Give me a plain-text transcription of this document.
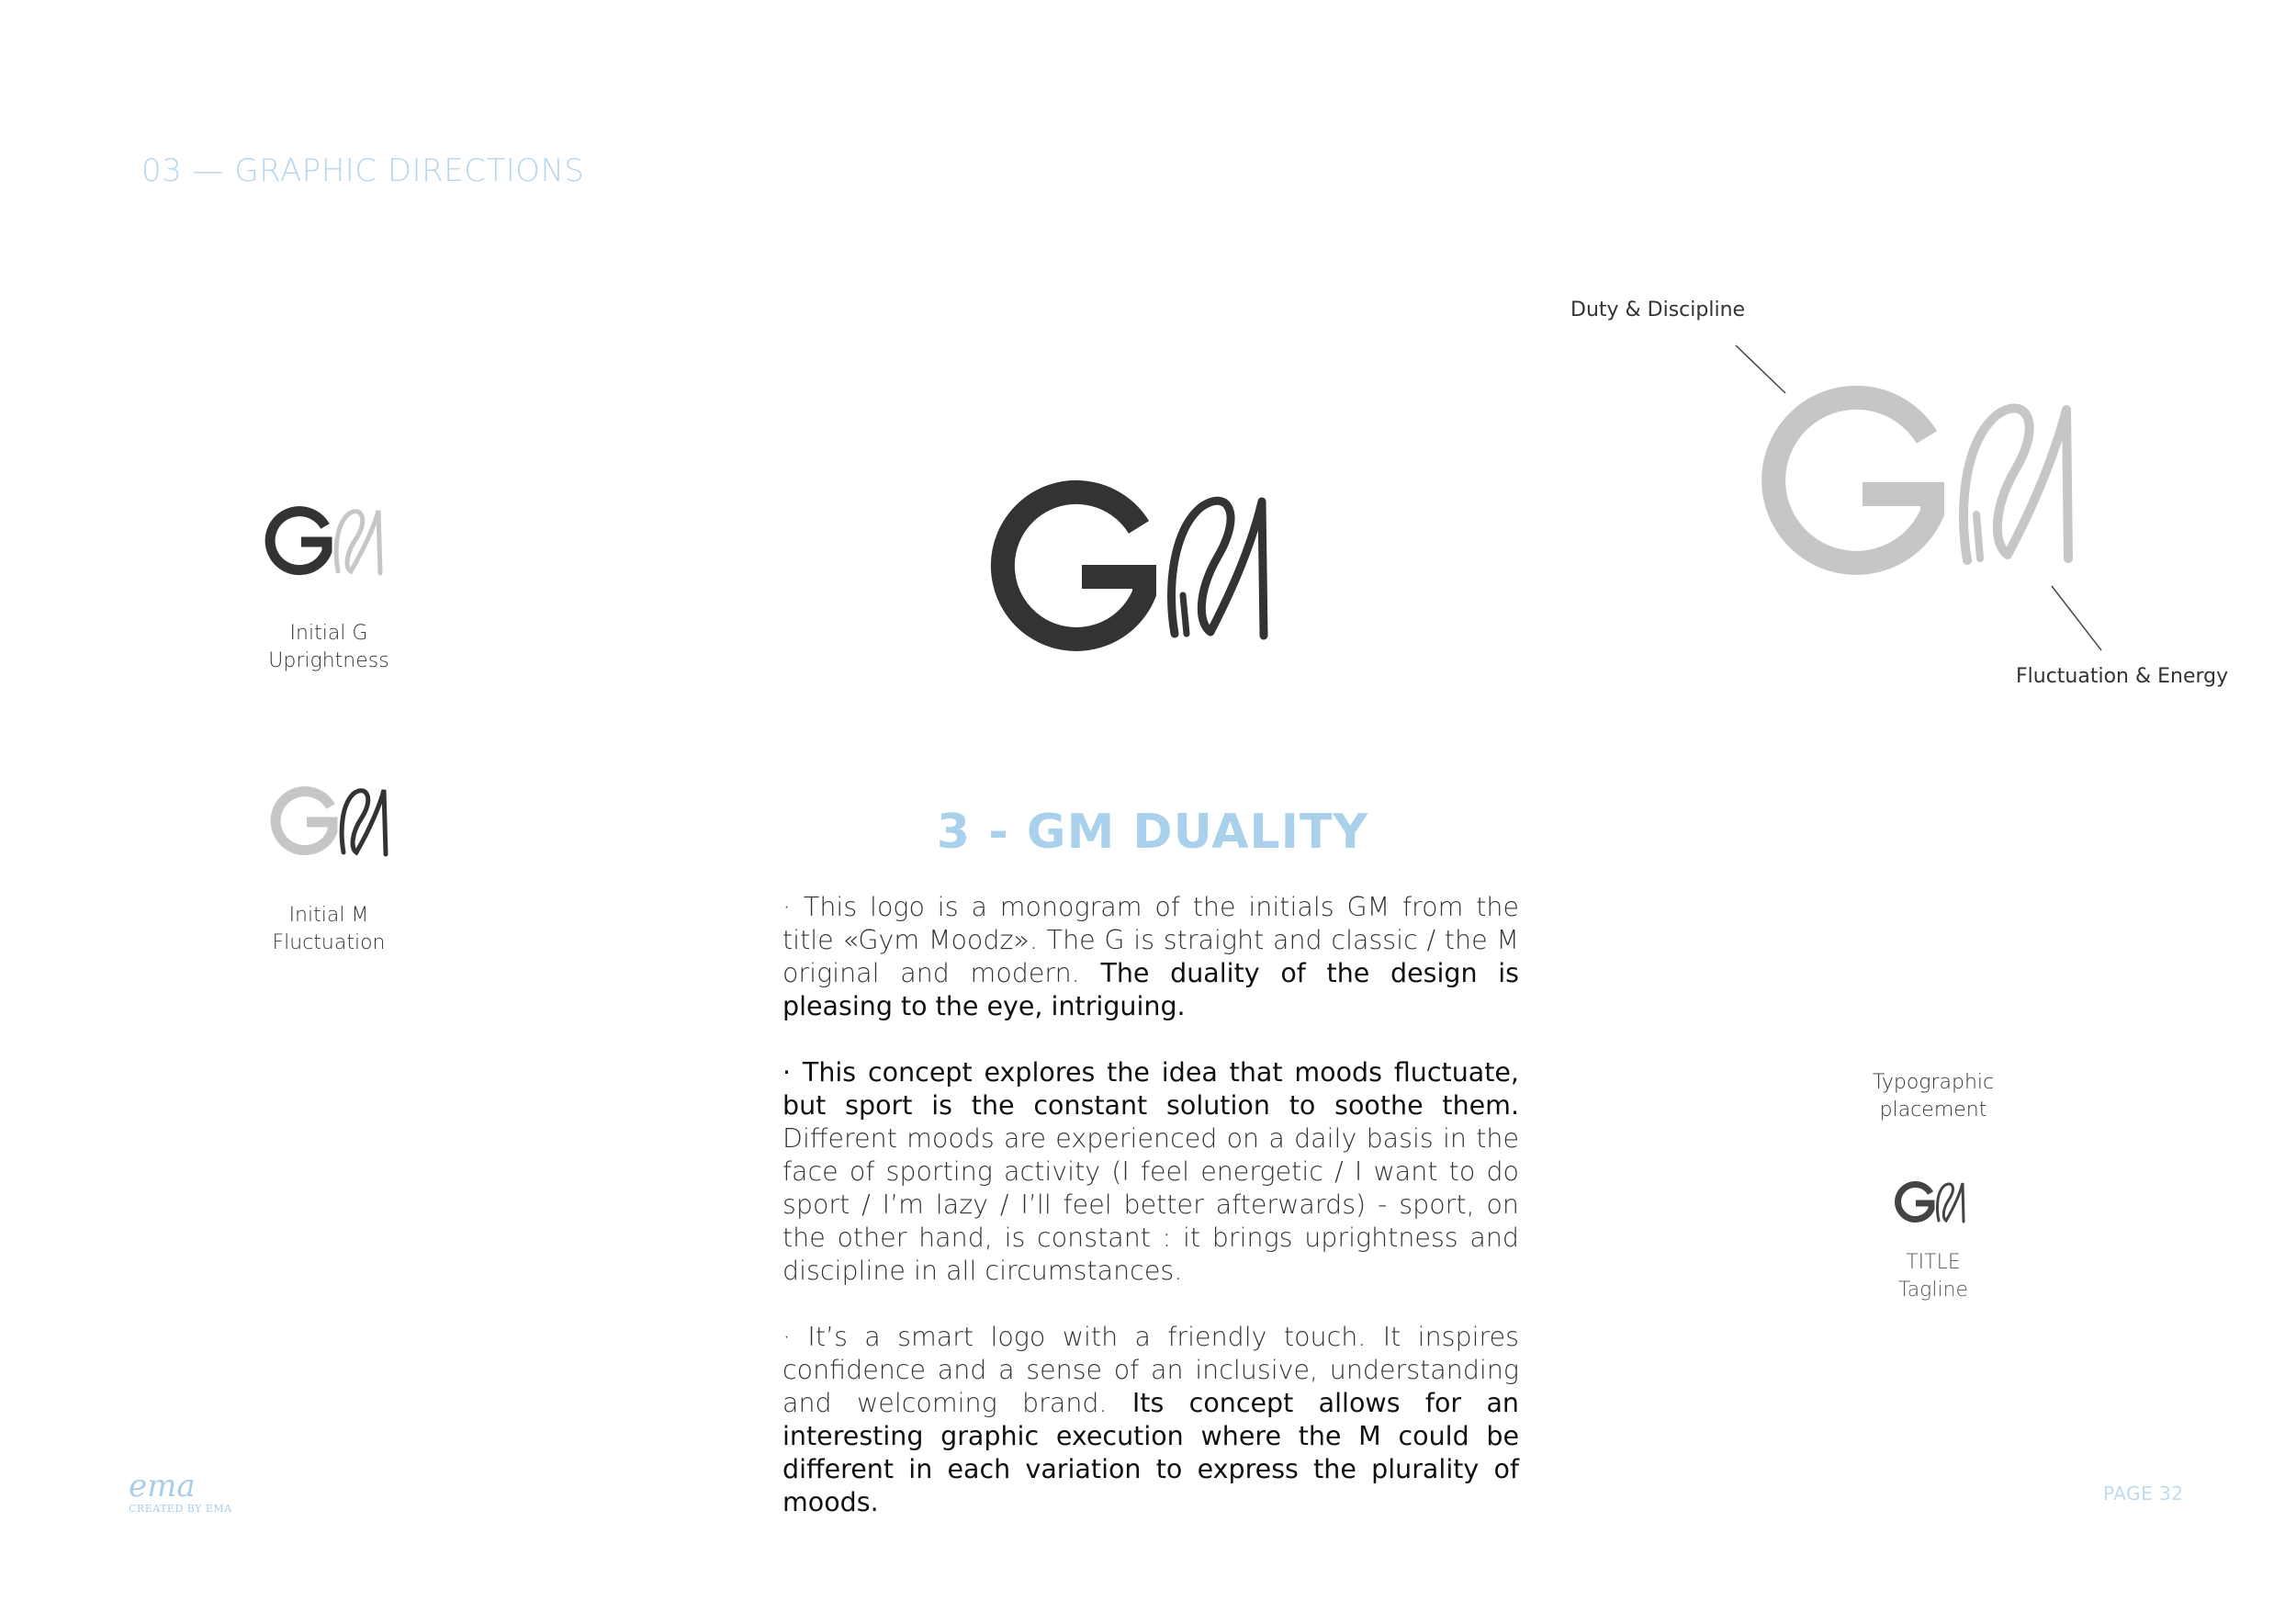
03 — GRAPHIC DIRECTIONS
Initial G
Uprightness
Initial M
Fluctuation
3 - GM DUALITY

· This logo is a monogram of the initials GM from the title «Gym Moodz». The G is straight and classic / the M original and modern. The duality of the design is pleasing to the eye, intriguing.

· This concept explores the idea that moods fluctuate, but sport is the constant solution to soothe them. Different moods are experienced on a daily basis in the face of sporting activity (I feel energetic / I want to do sport / I’m lazy / I’ll feel better afterwards) - sport, on the other hand, is constant : it brings uprightness and discipline in all circumstances.

· It’s a smart logo with a friendly touch. It inspires confidence and a sense of an inclusive, understanding and welcoming brand. Its concept allows for an interesting graphic execution where the M could be different in each variation to express the plurality of moods.

Duty & Discipline
Fluctuation & Energy
Typographic
placement
TITLE
Tagline
ema
CREATED BY EMA
PAGE 32
